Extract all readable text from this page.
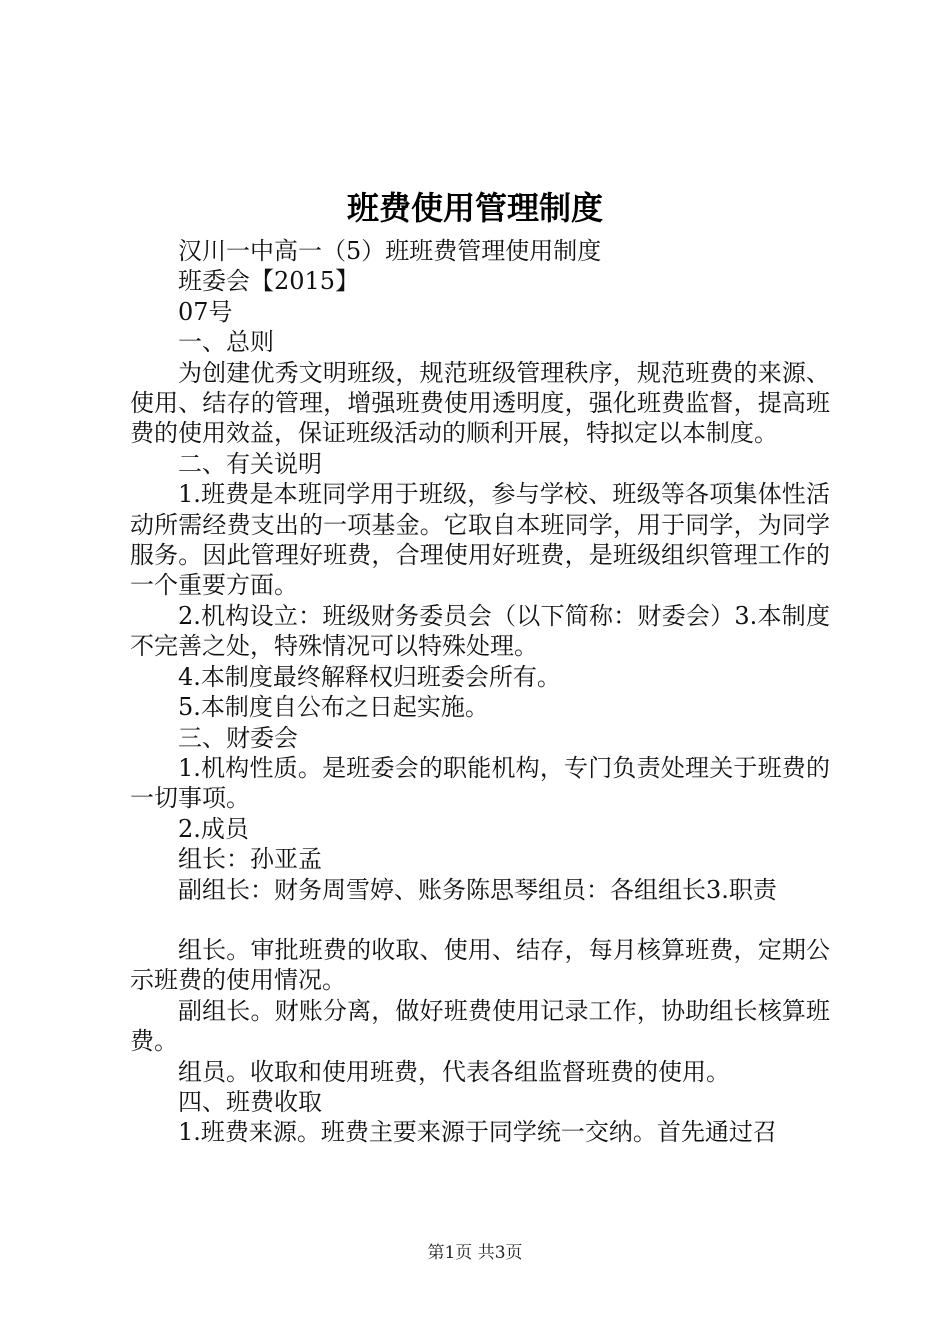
班费使用管理制度

汉川一中高一（5）班班费管理使用制度

班委会【2015】

07号

一、总则

为创建优秀文明班级，规范班级管理秩序，规范班费的来源、使用、结存的管理，增强班费使用透明度，强化班费监督，提高班费的使用效益，保证班级活动的顺利开展，特拟定以本制度。

二、有关说明

1.班费是本班同学用于班级，参与学校、班级等各项集体性活动所需经费支出的一项基金。它取自本班同学，用于同学，为同学服务。因此管理好班费，合理使用好班费，是班级组织管理工作的一个重要方面。

2.机构设立：班级财务委员会（以下简称：财委会）3.本制度不完善之处，特殊情况可以特殊处理。

4.本制度最终解释权归班委会所有。

5.本制度自公布之日起实施。

三、财委会

1.机构性质。是班委会的职能机构，专门负责处理关于班费的一切事项。

2.成员

组长：孙亚孟

副组长：财务周雪婷、账务陈思琴组员：各组组长3.职责

组长。审批班费的收取、使用、结存，每月核算班费，定期公示班费的使用情况。

副组长。财账分离，做好班费使用记录工作，协助组长核算班费。

组员。收取和使用班费，代表各组监督班费的使用。

四、班费收取

1.班费来源。班费主要来源于同学统一交纳。首先通过召

第1页 共3页
